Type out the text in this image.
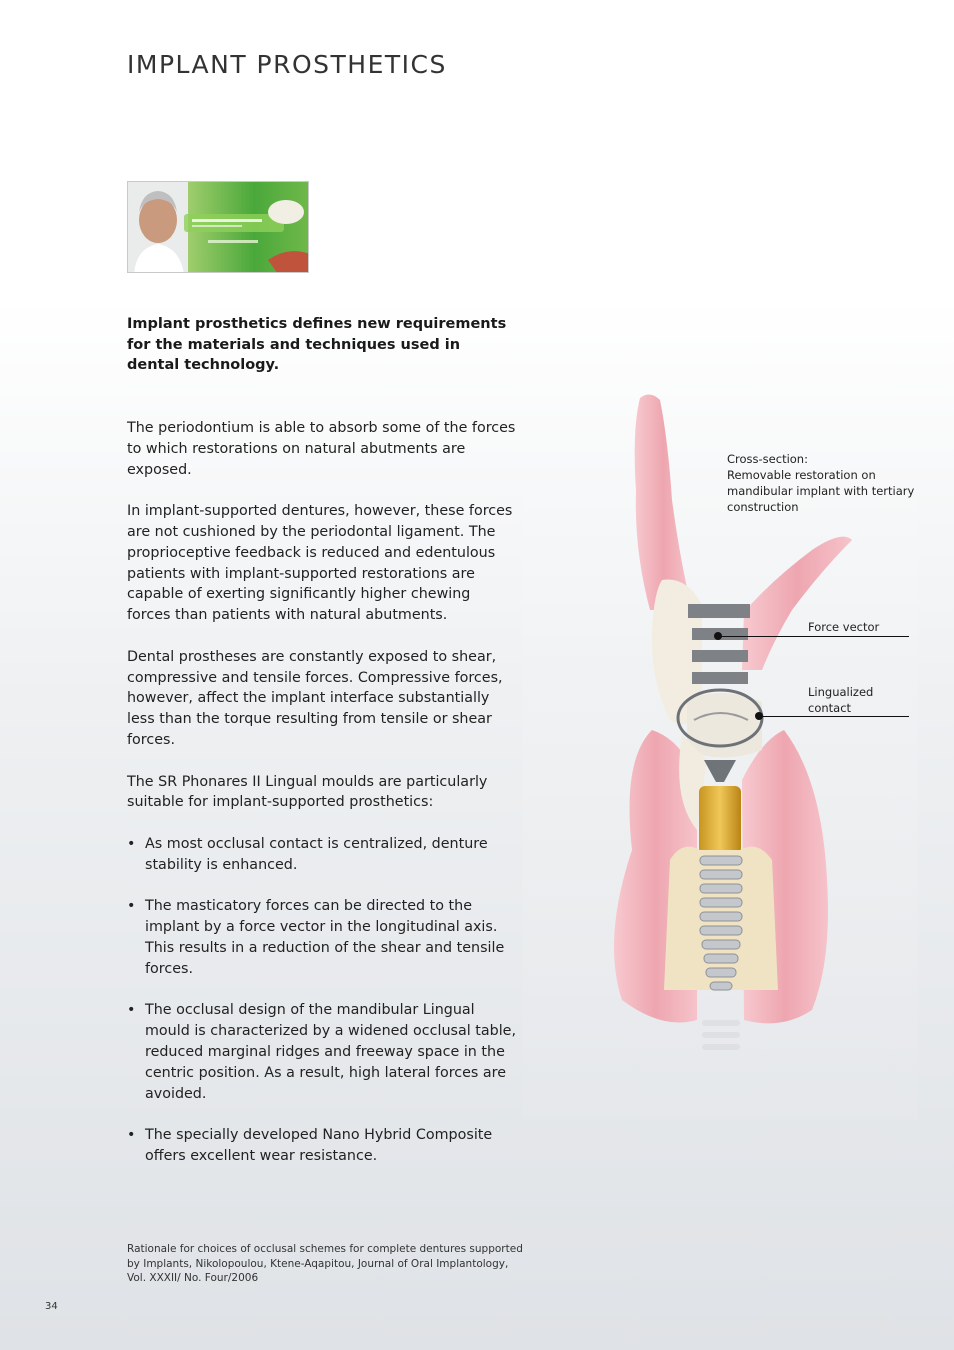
IMPLANT PROSTHETICS
Implant prosthetics defines new requirements for the materials and techniques used in dental technology.

The periodontium is able to absorb some of the forces to which restorations on natural abutments are exposed.

In implant-supported dentures, however, these forces are not cushioned by the periodontal ligament. The proprioceptive feedback is reduced and edentulous patients with implant-supported restorations are capable of exerting significantly higher chewing forces than patients with natural abutments.

Dental prostheses are constantly exposed to shear, compressive and tensile forces. Compressive forces, however, affect the implant interface substantially less than the torque resulting from tensile or shear forces.

The SR Phonares II Lingual moulds are particularly suitable for implant-supported prosthetics:

• As most occlusal contact is centralized, denture stability is enhanced.
• The masticatory forces can be directed to the implant by a force vector in the longitudinal axis. This results in a reduction of the shear and tensile forces.
• The occlusal design of the mandibular Lingual mould is characterized by a widened occlusal table, reduced marginal ridges and freeway space in the centric position. As a result, high lateral forces are avoided.
• The specially developed Nano Hybrid Composite offers excellent wear resistance.
Cross-section:
Removable restoration on mandibular implant with tertiary construction
Force vector
Lingualized contact
Rationale for choices of occlusal schemes for complete dentures supported by Implants, Nikolopoulou, Ktene-Aqapitou, Journal of Oral Implantology, Vol. XXXII/ No. Four/2006
34
